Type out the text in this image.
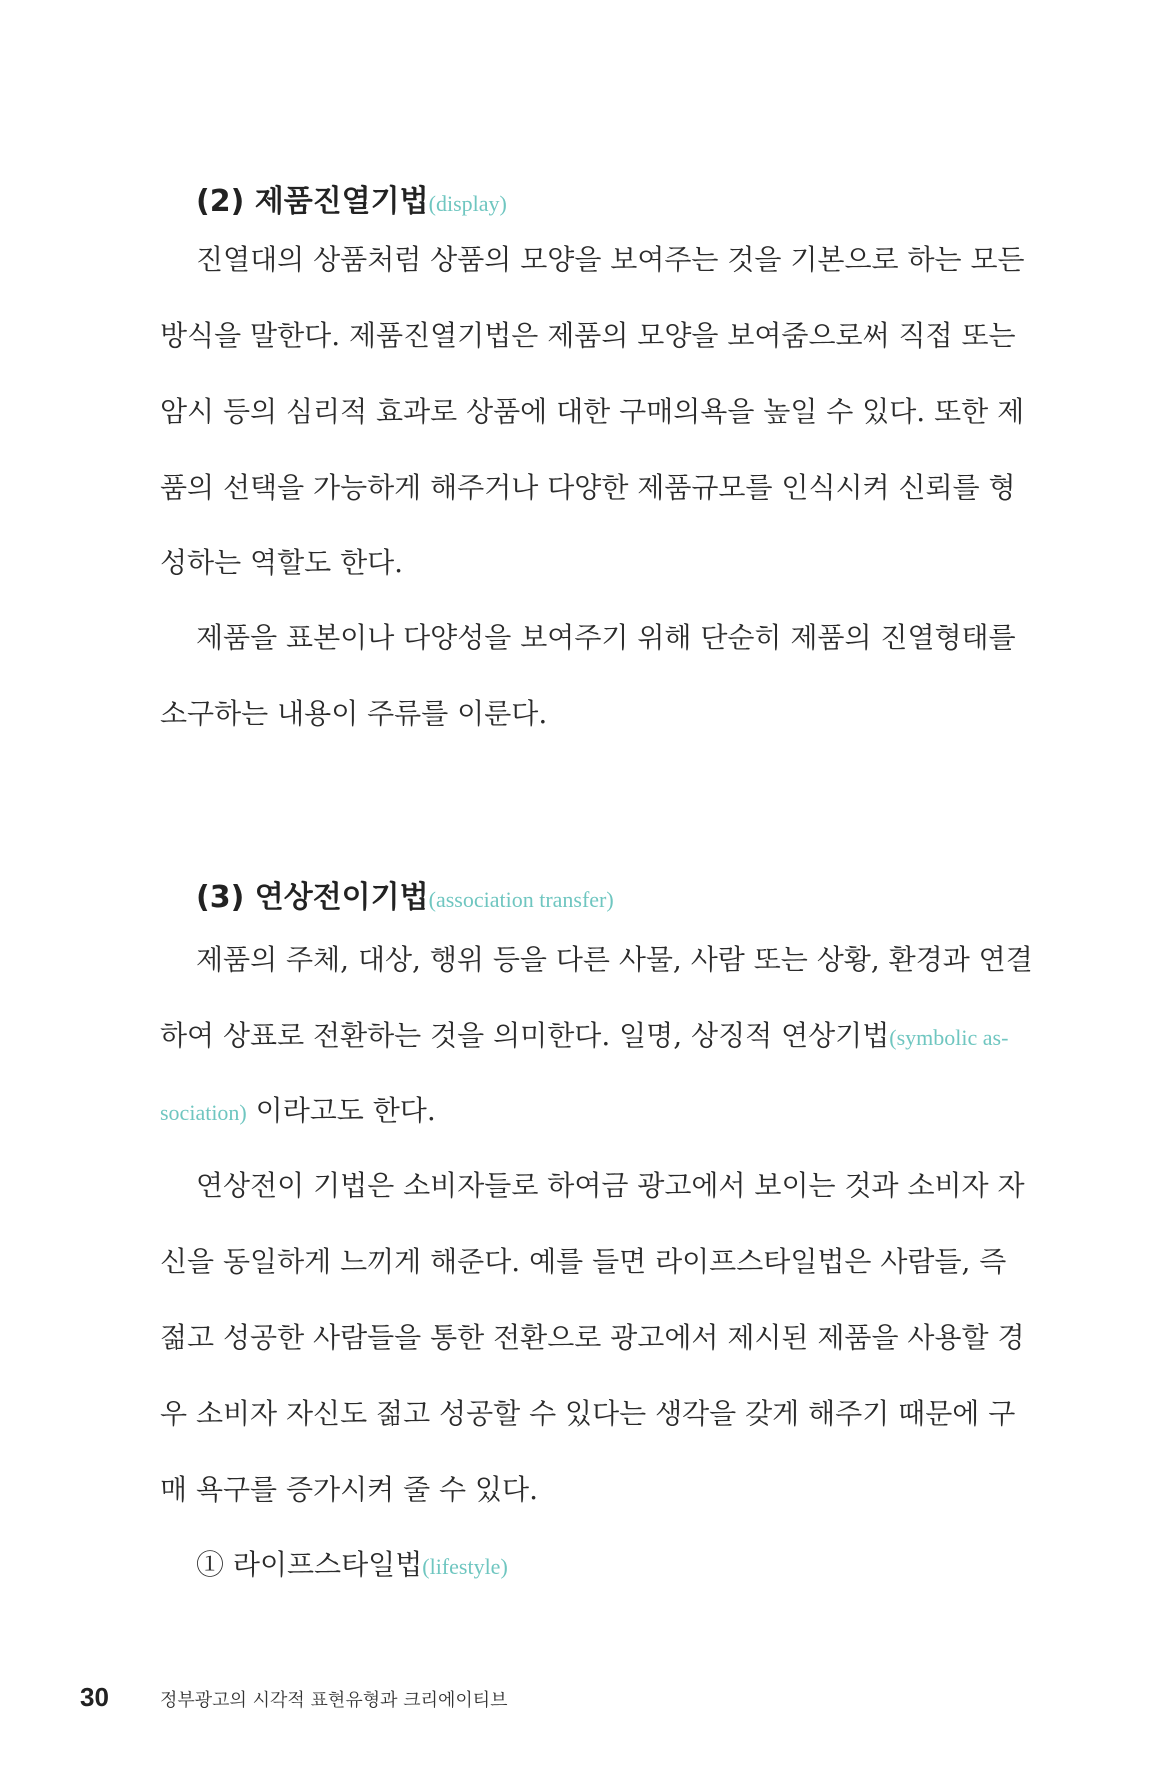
(2) 제품진열기법(display)
진열대의 상품처럼 상품의 모양을 보여주는 것을 기본으로 하는 모든
방식을 말한다. 제품진열기법은 제품의 모양을 보여줌으로써 직접 또는
암시 등의 심리적 효과로 상품에 대한 구매의욕을 높일 수 있다. 또한 제
품의 선택을 가능하게 해주거나 다양한 제품규모를 인식시켜 신뢰를 형
성하는 역할도 한다.
제품을 표본이나 다양성을 보여주기 위해 단순히 제품의 진열형태를
소구하는 내용이 주류를 이룬다.
(3) 연상전이기법(association transfer)
제품의 주체, 대상, 행위 등을 다른 사물, 사람 또는 상황, 환경과 연결
하여 상표로 전환하는 것을 의미한다. 일명, 상징적 연상기법(symbolic as-
sociation) 이라고도 한다.
연상전이 기법은 소비자들로 하여금 광고에서 보이는 것과 소비자 자
신을 동일하게 느끼게 해준다. 예를 들면 라이프스타일법은 사람들, 즉
젊고 성공한 사람들을 통한 전환으로 광고에서 제시된 제품을 사용할 경
우 소비자 자신도 젊고 성공할 수 있다는 생각을 갖게 해주기 때문에 구
매 욕구를 증가시켜 줄 수 있다.
① 라이프스타일법(lifestyle)
30	정부광고의 시각적 표현유형과 크리에이티브
